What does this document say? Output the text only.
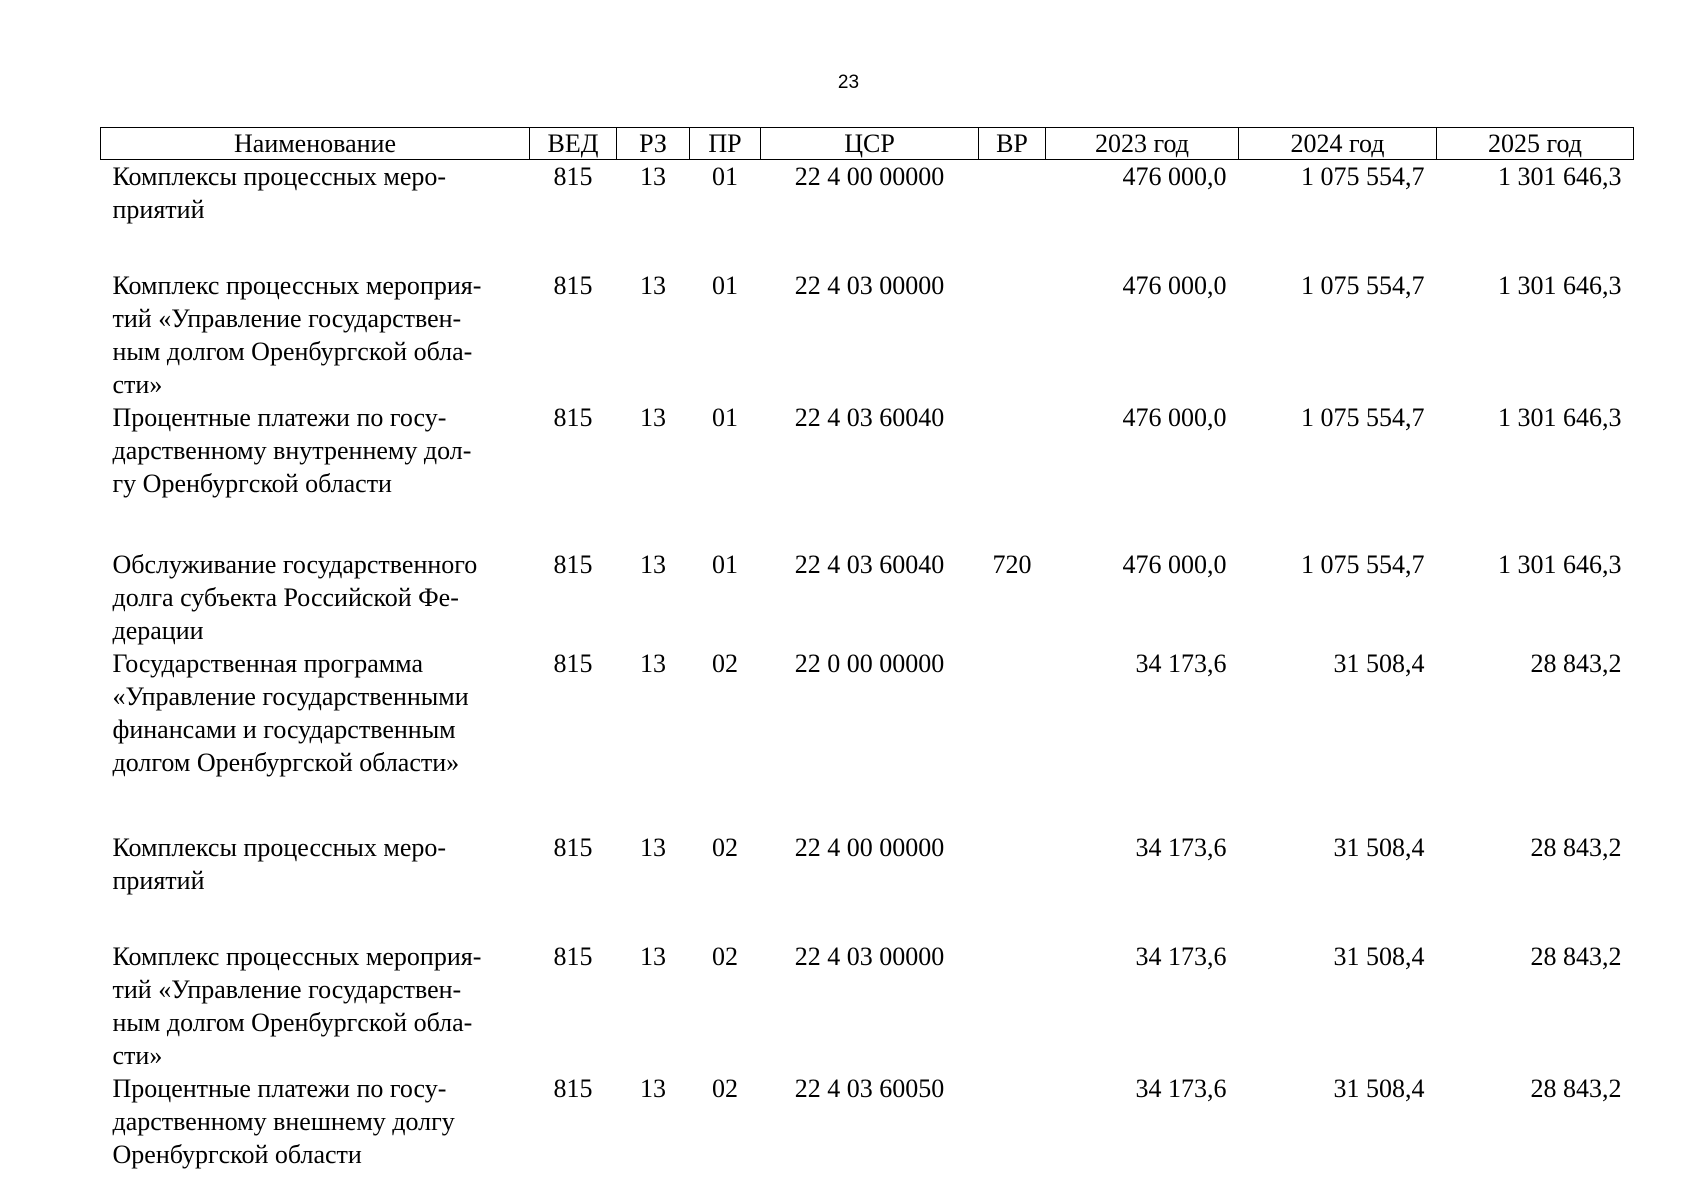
23
Наименование	ВЕД	РЗ	ПР	ЦСР	ВР	2023 год	2024 год	2025 год
Комплексы процессных меро-
приятий	815	13	01	22 4 00 00000		476 000,0	1 075 554,7	1 301 646,3
Комплекс процессных мероприя-
тий «Управление государствен-
ным долгом Оренбургской обла-
сти»	815	13	01	22 4 03 00000		476 000,0	1 075 554,7	1 301 646,3
Процентные платежи по госу-
дарственному внутреннему дол-
гу Оренбургской области	815	13	01	22 4 03 60040		476 000,0	1 075 554,7	1 301 646,3
Обслуживание государственного
долга субъекта Российской Фе-
дерации	815	13	01	22 4 03 60040	720	476 000,0	1 075 554,7	1 301 646,3
Государственная программа
«Управление государственными
финансами и государственным
долгом Оренбургской области»	815	13	02	22 0 00 00000		34 173,6	31 508,4	28 843,2
Комплексы процессных меро-
приятий	815	13	02	22 4 00 00000		34 173,6	31 508,4	28 843,2
Комплекс процессных мероприя-
тий «Управление государствен-
ным долгом Оренбургской обла-
сти»	815	13	02	22 4 03 00000		34 173,6	31 508,4	28 843,2
Процентные платежи по госу-
дарственному внешнему долгу
Оренбургской области	815	13	02	22 4 03 60050		34 173,6	31 508,4	28 843,2
